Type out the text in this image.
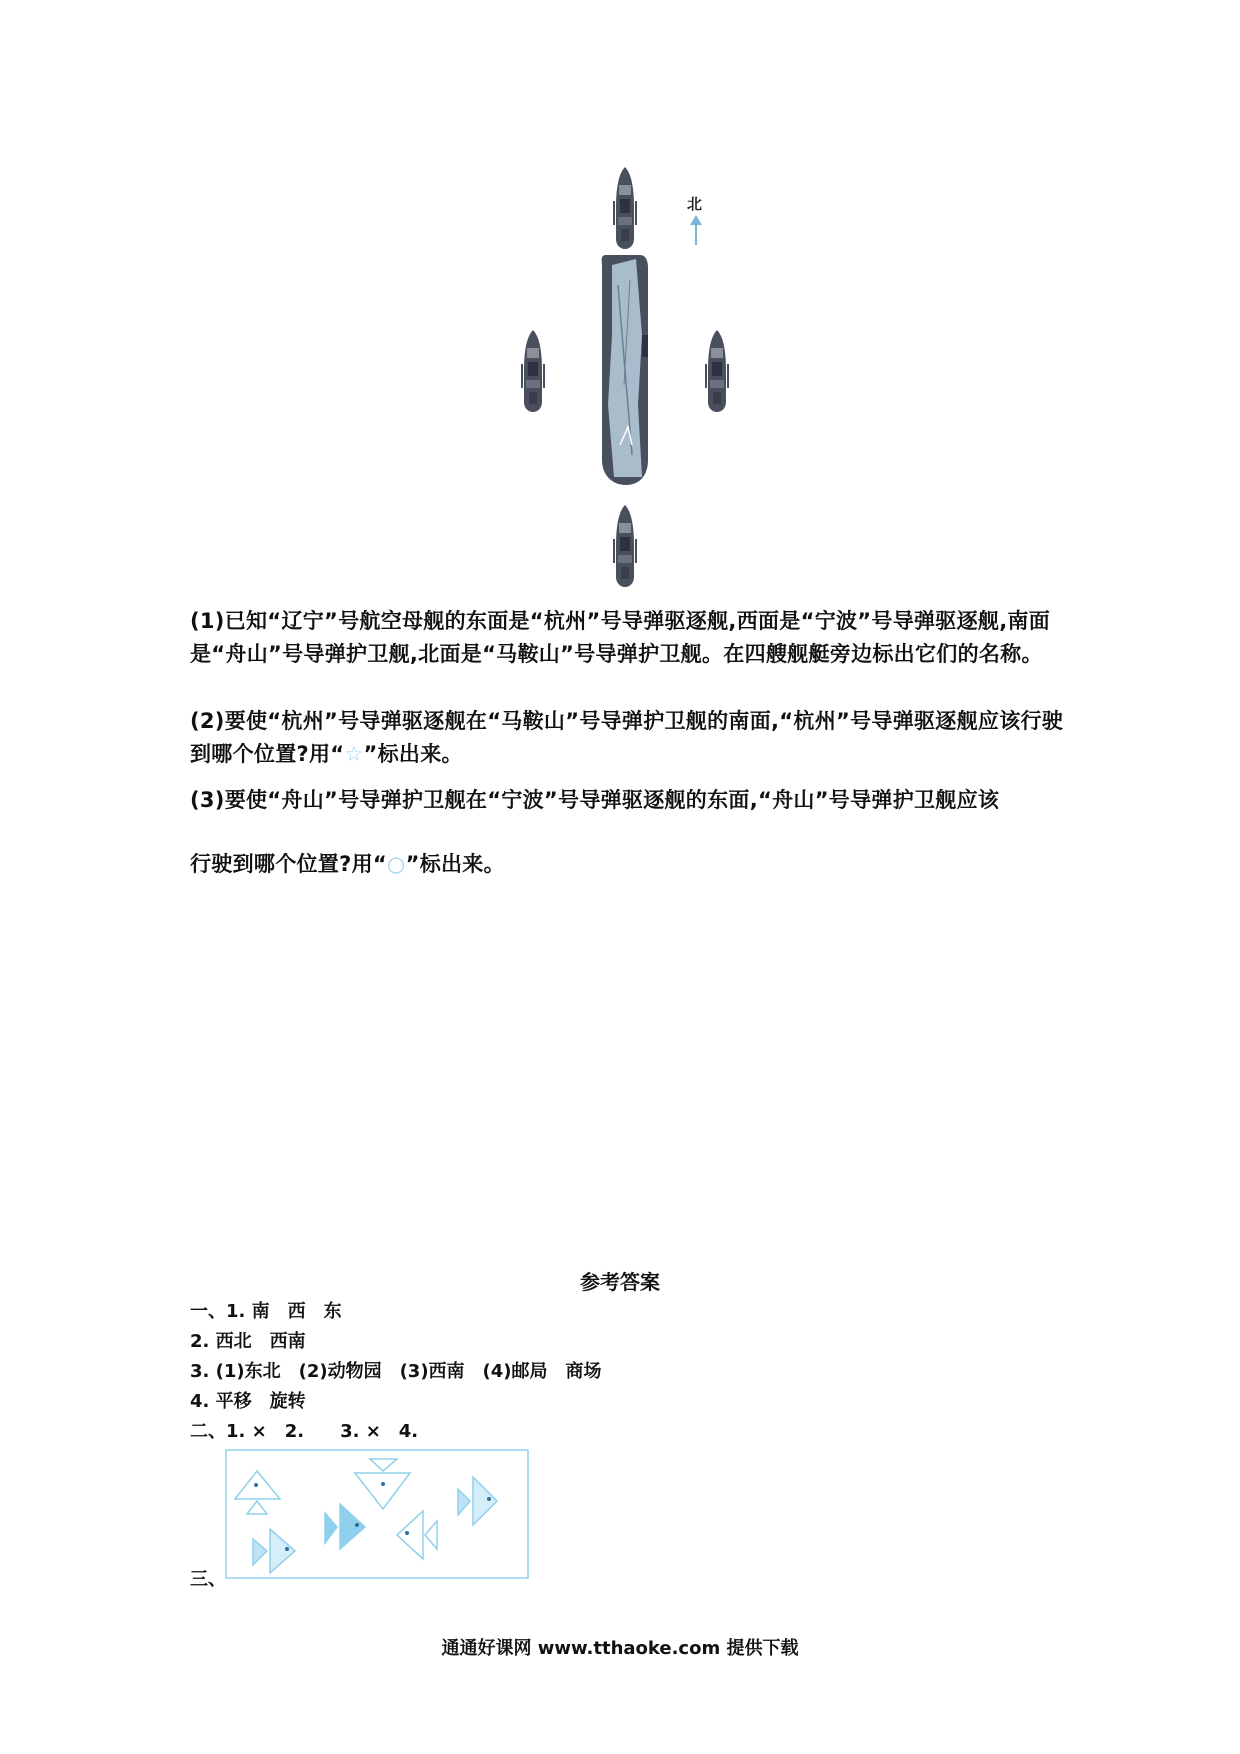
北
(1)已知“辽宁”号航空母舰的东面是“杭州”号导弹驱逐舰,西面是“宁波”号导弹驱逐舰,南面是“舟山”号导弹护卫舰,北面是“马鞍山”号导弹护卫舰。在四艘舰艇旁边标出它们的名称。
(2)要使“杭州”号导弹驱逐舰在“马鞍山”号导弹护卫舰的南面,“杭州”号导弹驱逐舰应该行驶到哪个位置?用“☆”标出来。
(3)要使“舟山”号导弹护卫舰在“宁波”号导弹驱逐舰的东面,“舟山”号导弹护卫舰应该
行驶到哪个位置?用“○”标出来。
参考答案
一、1. 南　西　东
2. 西北　西南
3. (1)东北　(2)动物园　(3)西南　(4)邮局　商场
4. 平移　旋转
二、1. ×　2.　　3. ×　4.
三、
通通好课网 www.tthaoke.com 提供下载
